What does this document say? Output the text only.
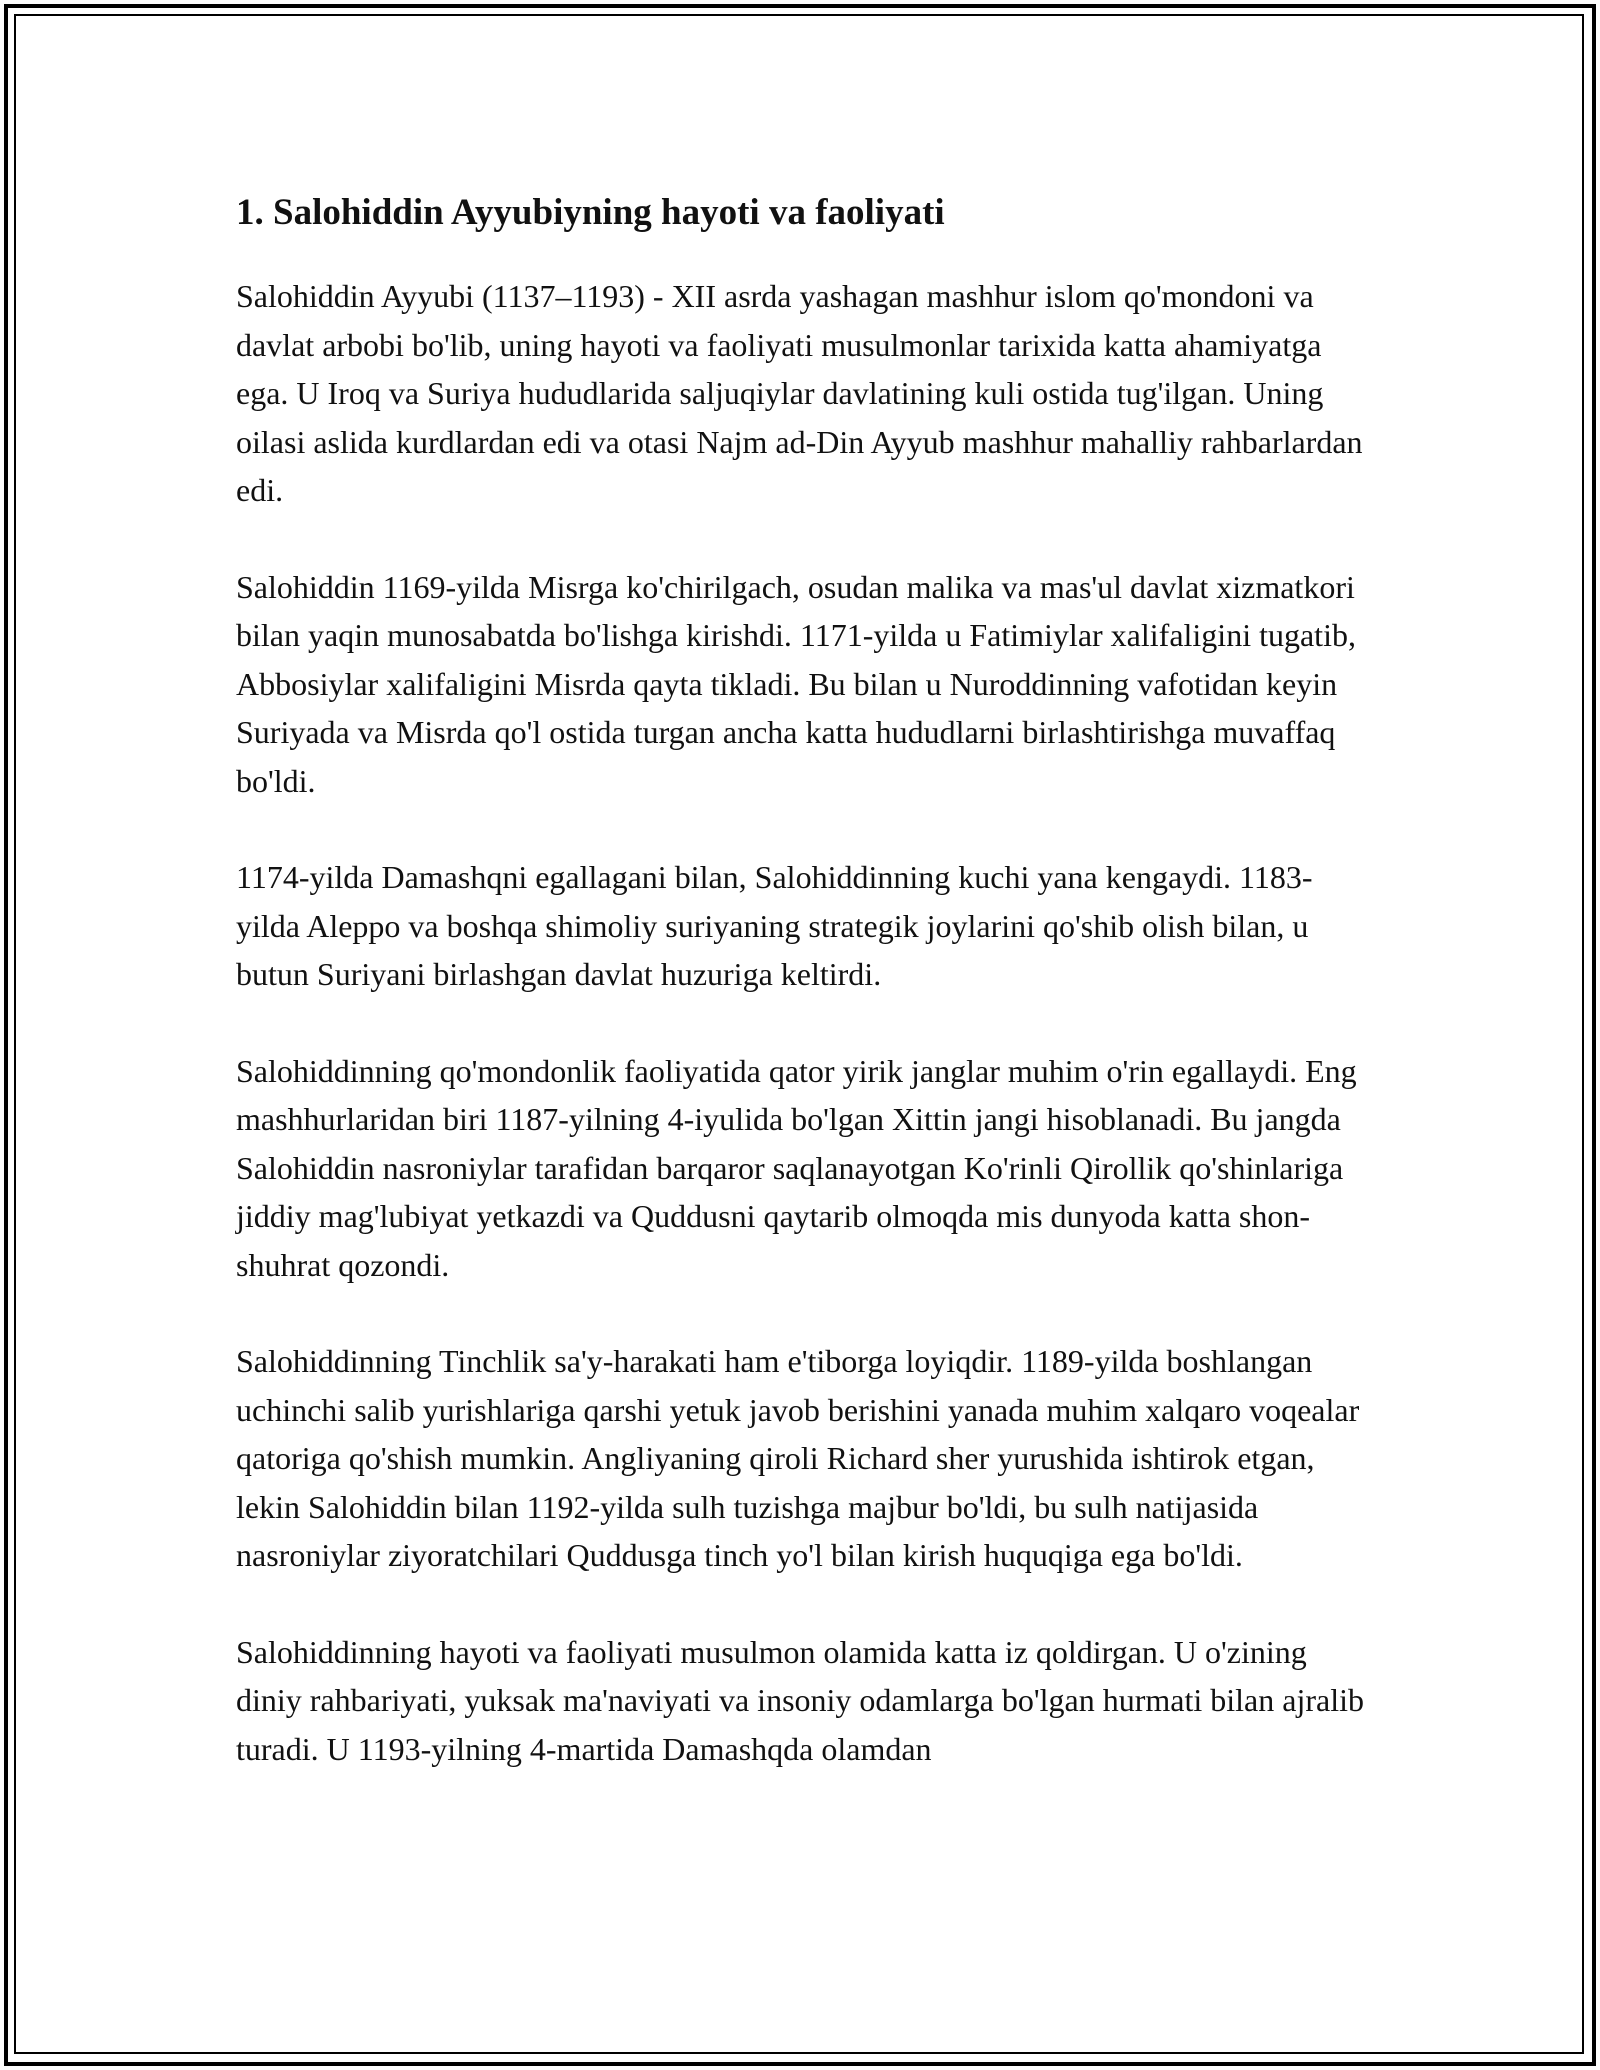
1. Salohiddin Ayyubiyning hayoti va faoliyati

Salohiddin Ayyubi (1137–1193) - XII asrda yashagan mashhur islom qo'mondoni va davlat arbobi bo'lib, uning hayoti va faoliyati musulmonlar tarixida katta ahamiyatga ega. U Iroq va Suriya hududlarida saljuqiylar davlatining kuli ostida tug'ilgan. Uning oilasi aslida kurdlardan edi va otasi Najm ad-Din Ayyub mashhur mahalliy rahbarlardan edi.

Salohiddin 1169-yilda Misrga ko'chirilgach, osudan malika va mas'ul davlat xizmatkori bilan yaqin munosabatda bo'lishga kirishdi. 1171-yilda u Fatimiylar xalifaligini tugatib, Abbosiylar xalifaligini Misrda qayta tikladi. Bu bilan u Nuroddinning vafotidan keyin Suriyada va Misrda qo'l ostida turgan ancha katta hududlarni birlashtirishga muvaffaq bo'ldi.

1174-yilda Damashqni egallagani bilan, Salohiddinning kuchi yana kengaydi. 1183-yilda Aleppo va boshqa shimoliy suriyaning strategik joylarini qo'shib olish bilan, u butun Suriyani birlashgan davlat huzuriga keltirdi.

Salohiddinning qo'mondonlik faoliyatida qator yirik janglar muhim o'rin egallaydi. Eng mashhurlaridan biri 1187-yilning 4-iyulida bo'lgan Xittin jangi hisoblanadi. Bu jangda Salohiddin nasroniylar tarafidan barqaror saqlanayotgan Ko'rinli Qirollik qo'shinlariga jiddiy mag'lubiyat yetkazdi va Quddusni qaytarib olmoqda mis dunyoda katta shon-shuhrat qozondi.

Salohiddinning Tinchlik sa'y-harakati ham e'tiborga loyiqdir. 1189-yilda boshlangan uchinchi salib yurishlariga qarshi yetuk javob berishini yanada muhim xalqaro voqealar qatoriga qo'shish mumkin. Angliyaning qiroli Richard sher yurushida ishtirok etgan, lekin Salohiddin bilan 1192-yilda sulh tuzishga majbur bo'ldi, bu sulh natijasida nasroniylar ziyoratchilari Quddusga tinch yo'l bilan kirish huquqiga ega bo'ldi.

Salohiddinning hayoti va faoliyati musulmon olamida katta iz qoldirgan. U o'zining diniy rahbariyati, yuksak ma'naviyati va insoniy odamlarga bo'lgan hurmati bilan ajralib turadi. U 1193-yilning 4-martida Damashqda olamdan
